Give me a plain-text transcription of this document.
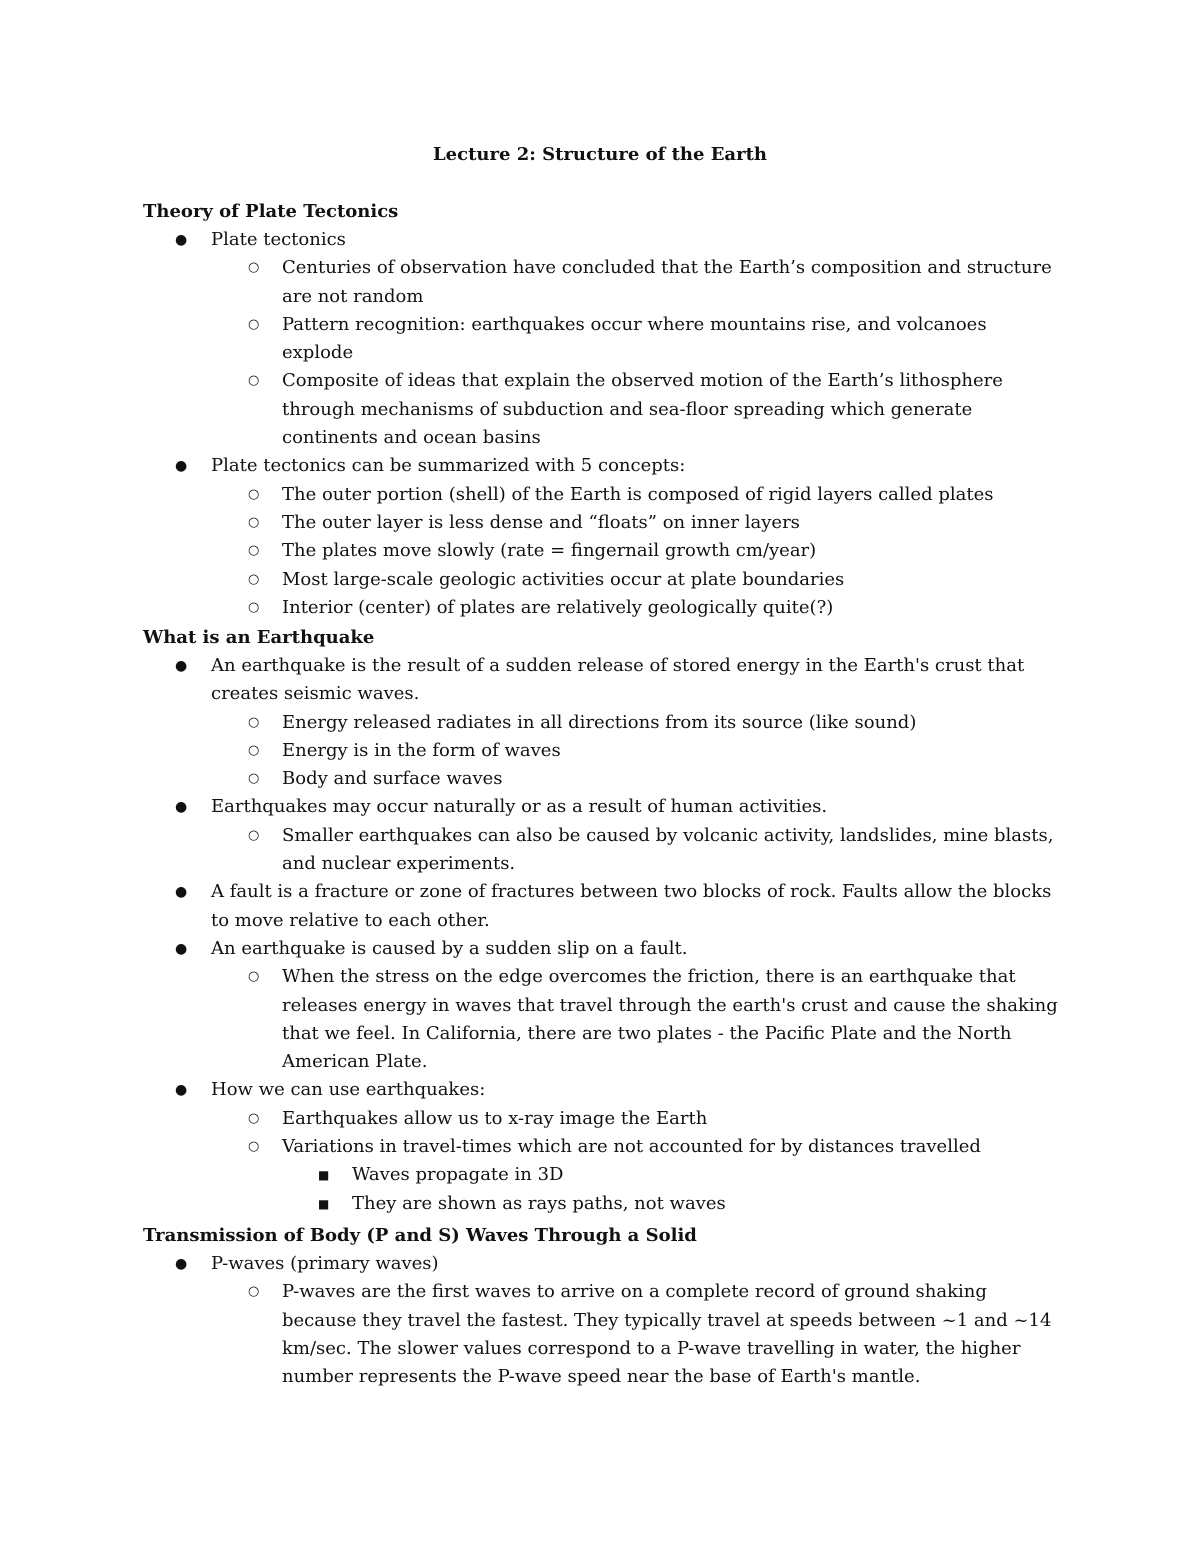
Lecture 2: Structure of the Earth
Theory of Plate Tectonics
● Plate tectonics
○ Centuries of observation have concluded that the Earth’s composition and structure are not random
○ Pattern recognition: earthquakes occur where mountains rise, and volcanoes explode
○ Composite of ideas that explain the observed motion of the Earth’s lithosphere through mechanisms of subduction and sea-floor spreading which generate continents and ocean basins
● Plate tectonics can be summarized with 5 concepts:
○ The outer portion (shell) of the Earth is composed of rigid layers called plates
○ The outer layer is less dense and “floats” on inner layers
○ The plates move slowly (rate = fingernail growth cm/year)
○ Most large-scale geologic activities occur at plate boundaries
○ Interior (center) of plates are relatively geologically quite(?)
What is an Earthquake
● An earthquake is the result of a sudden release of stored energy in the Earth's crust that creates seismic waves.
○ Energy released radiates in all directions from its source (like sound)
○ Energy is in the form of waves
○ Body and surface waves
● Earthquakes may occur naturally or as a result of human activities.
○ Smaller earthquakes can also be caused by volcanic activity, landslides, mine blasts, and nuclear experiments.
● A fault is a fracture or zone of fractures between two blocks of rock. Faults allow the blocks to move relative to each other.
● An earthquake is caused by a sudden slip on a fault.
○ When the stress on the edge overcomes the friction, there is an earthquake that releases energy in waves that travel through the earth's crust and cause the shaking that we feel. In California, there are two plates - the Pacific Plate and the North American Plate.
● How we can use earthquakes:
○ Earthquakes allow us to x-ray image the Earth
○ Variations in travel-times which are not accounted for by distances travelled
■ Waves propagate in 3D
■ They are shown as rays paths, not waves
Transmission of Body (P and S) Waves Through a Solid
● P-waves (primary waves)
○ P-waves are the first waves to arrive on a complete record of ground shaking because they travel the fastest. They typically travel at speeds between ~1 and ~14 km/sec. The slower values correspond to a P-wave travelling in water, the higher number represents the P-wave speed near the base of Earth's mantle.
